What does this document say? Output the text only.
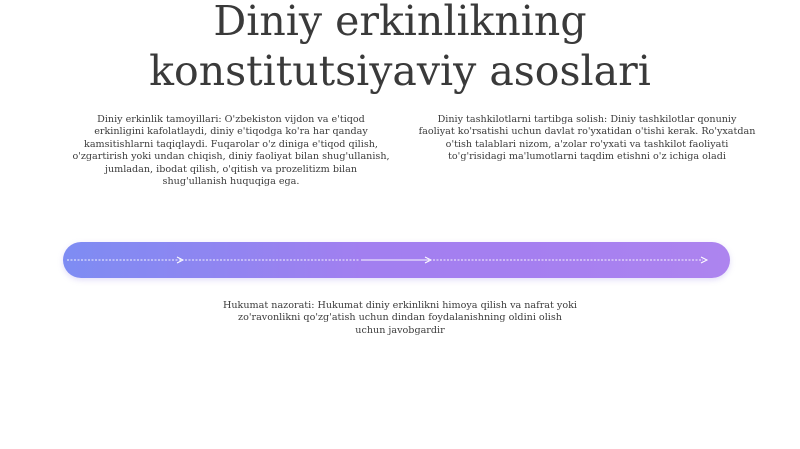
Diniy erkinlikning
konstitutsiyaviy asoslari
Diniy erkinlik tamoyillari: O'zbekiston vijdon va e'tiqod erkinligini kafolatlaydi, diniy e'tiqodga ko'ra har qanday kamsitishlarni taqiqlaydi. Fuqarolar o'z diniga e'tiqod qilish, o'zgartirish yoki undan chiqish, diniy faoliyat bilan shug'ullanish, jumladan, ibodat qilish, o'qitish va prozelitizm bilan shug'ullanish huquqiga ega.
Diniy tashkilotlarni tartibga solish: Diniy tashkilotlar qonuniy faoliyat ko'rsatishi uchun davlat ro'yxatidan o'tishi kerak. Ro'yxatdan o'tish talablari nizom, a'zolar ro'yxati va tashkilot faoliyati to'g'risidagi ma'lumotlarni taqdim etishni o'z ichiga oladi
Hukumat nazorati: Hukumat diniy erkinlikni himoya qilish va nafrat yoki zo'ravonlikni qo'zg'atish uchun dindan foydalanishning oldini olish uchun javobgardir
